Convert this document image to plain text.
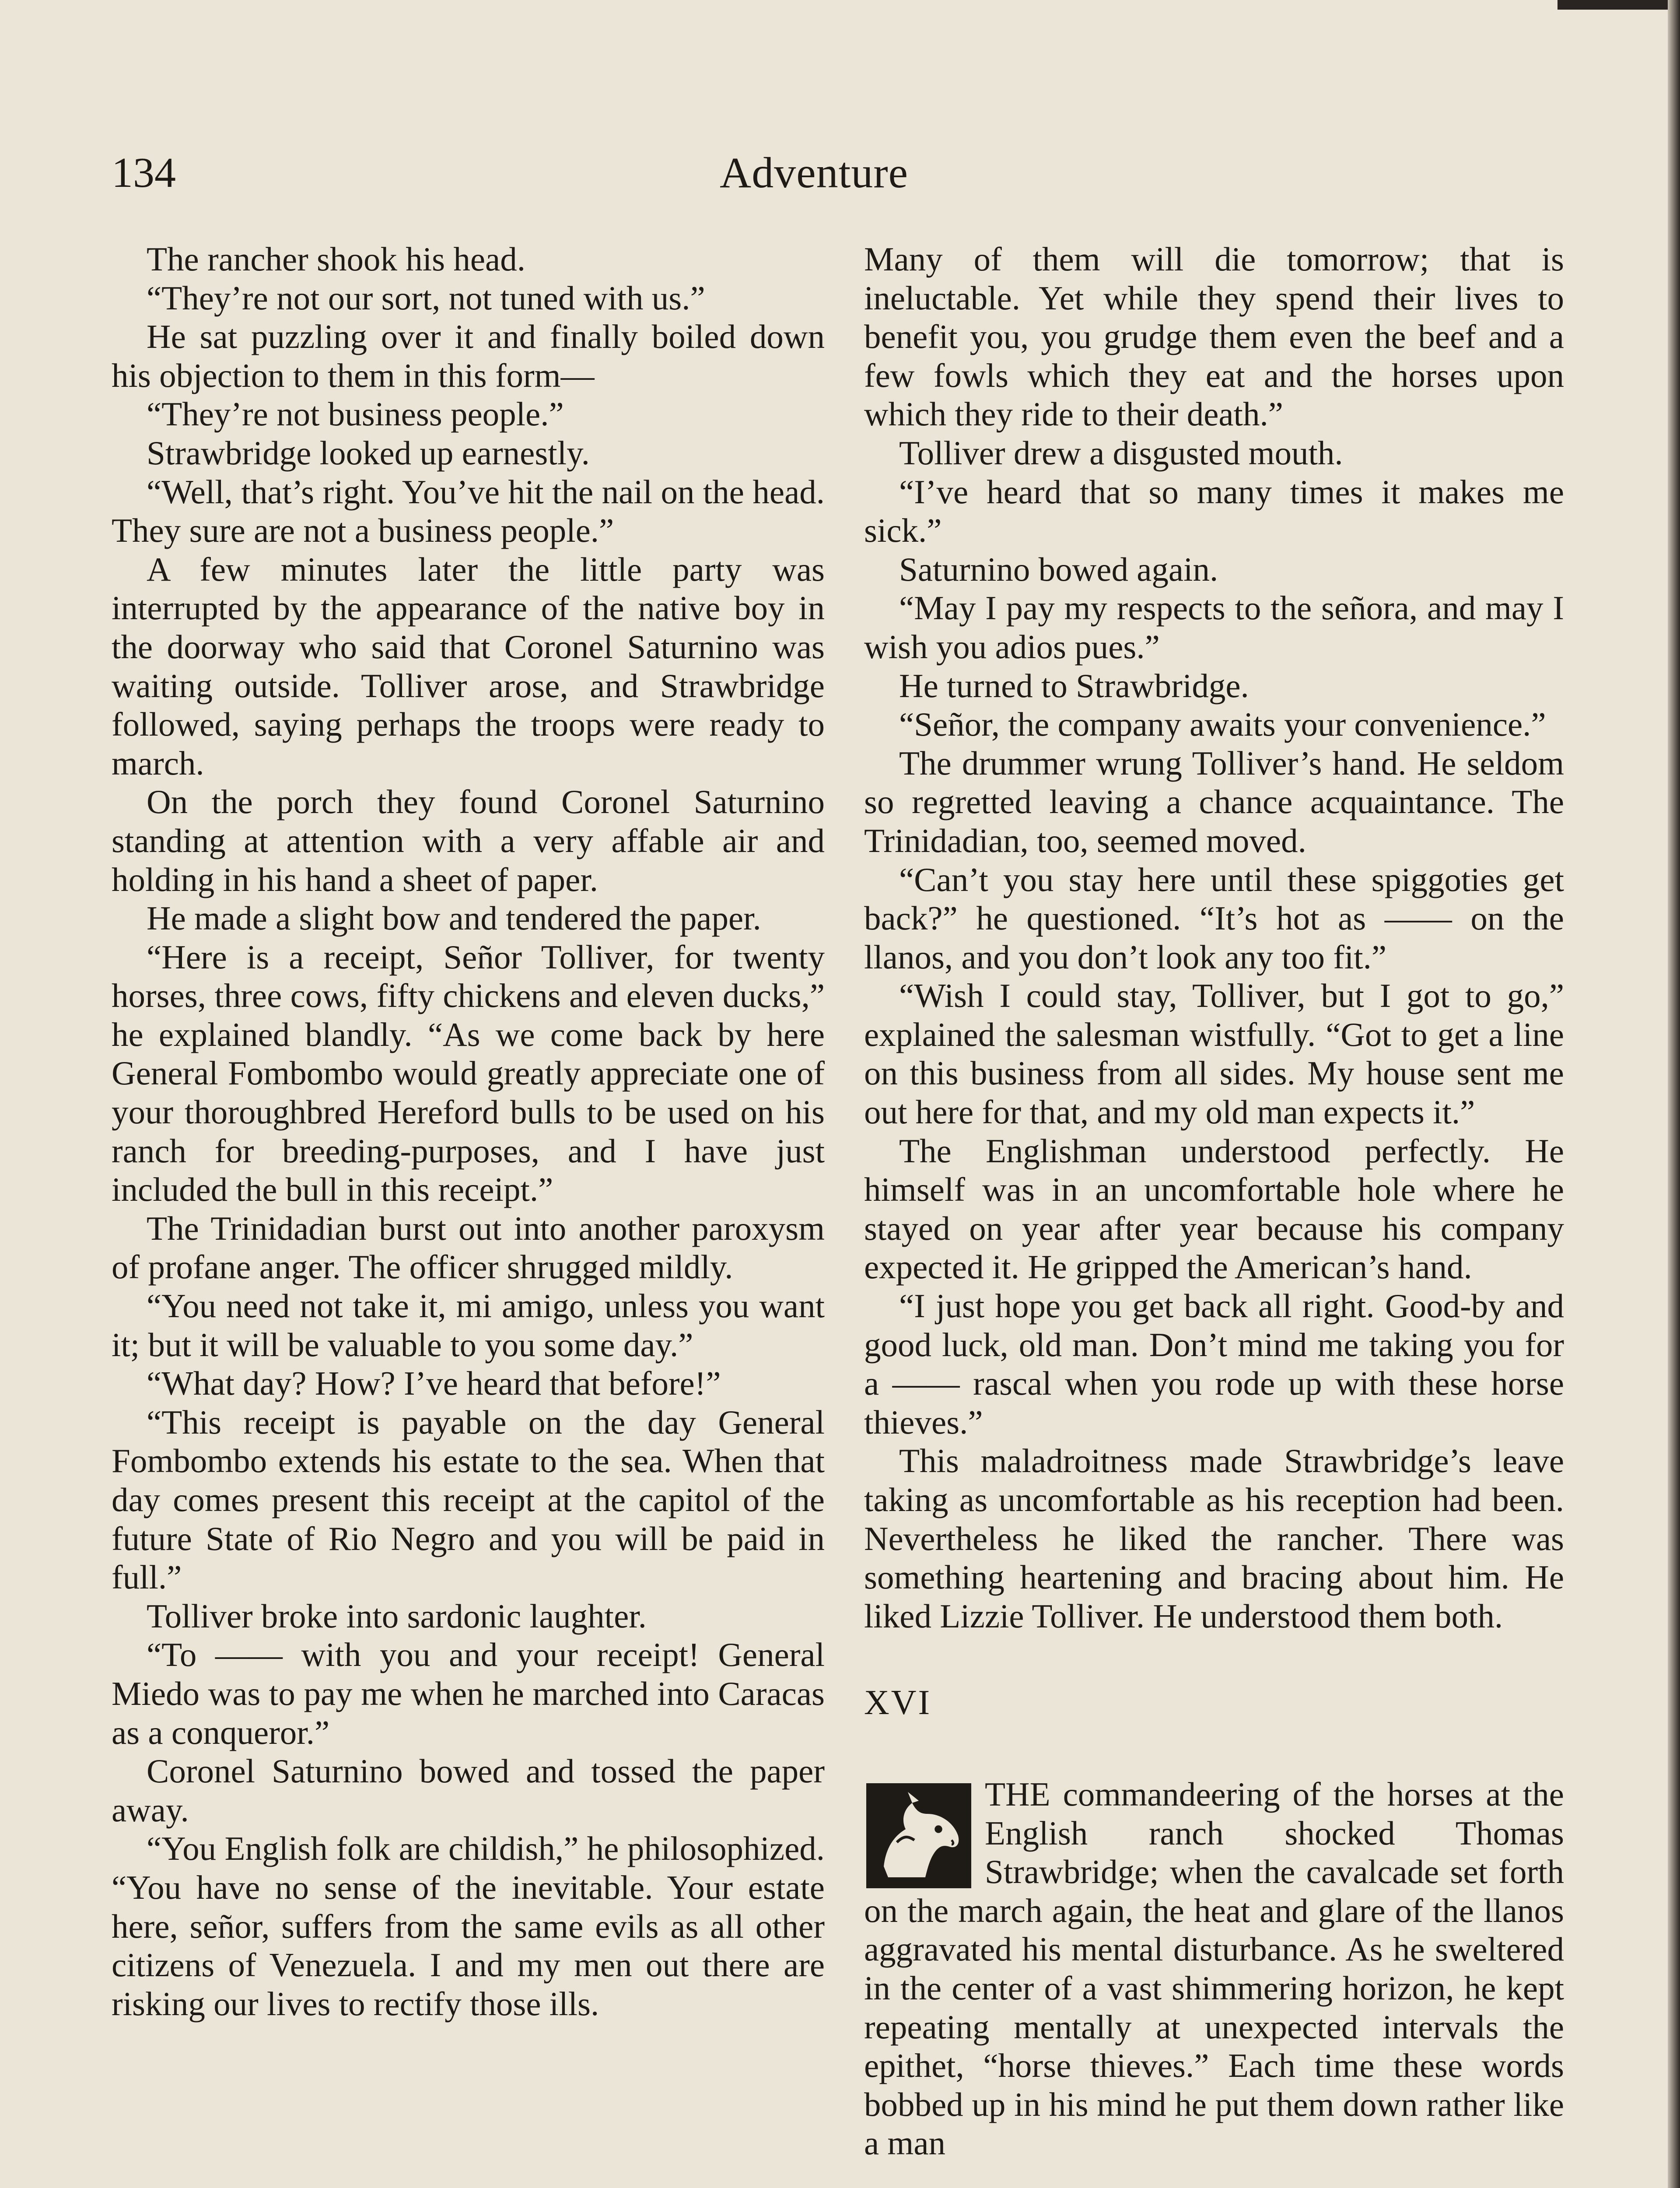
134	Adventure

The rancher shook his head.

“They’re not our sort, not tuned with us.”

He sat puzzling over it and finally boiled down his objection to them in this form—

“They’re not business people.”

Strawbridge looked up earnestly.

“Well, that’s right. You’ve hit the nail on the head. They sure are not a business people.”

A few minutes later the little party was interrupted by the appearance of the native boy in the doorway who said that Coronel Saturnino was waiting outside. Tolliver arose, and Strawbridge followed, saying perhaps the troops were ready to march.

On the porch they found Coronel Saturnino standing at attention with a very affable air and holding in his hand a sheet of paper.

He made a slight bow and tendered the paper.

“Here is a receipt, Señor Tolliver, for twenty horses, three cows, fifty chickens and eleven ducks,” he explained blandly. “As we come back by here General Fombombo would greatly appreciate one of your thoroughbred Hereford bulls to be used on his ranch for breeding-purposes, and I have just included the bull in this receipt.”

The Trinidadian burst out into another paroxysm of profane anger. The officer shrugged mildly.

“You need not take it, mi amigo, unless you want it; but it will be valuable to you some day.”

“What day? How? I’ve heard that before!”

“This receipt is payable on the day General Fombombo extends his estate to the sea. When that day comes present this receipt at the capitol of the future State of Rio Negro and you will be paid in full.”

Tolliver broke into sardonic laughter.

“To —— with you and your receipt! General Miedo was to pay me when he marched into Caracas as a conqueror.”

Coronel Saturnino bowed and tossed the paper away.

“You English folk are childish,” he philosophized. “You have no sense of the inevitable. Your estate here, señor, suffers from the same evils as all other citizens of Venezuela. I and my men out there are risking our lives to rectify those ills.

Many of them will die tomorrow; that is ineluctable. Yet while they spend their lives to benefit you, you grudge them even the beef and a few fowls which they eat and the horses upon which they ride to their death.”

Tolliver drew a disgusted mouth.

“I’ve heard that so many times it makes me sick.”

Saturnino bowed again.

“May I pay my respects to the señora, and may I wish you adios pues.”

He turned to Strawbridge.

“Señor, the company awaits your convenience.”

The drummer wrung Tolliver’s hand. He seldom so regretted leaving a chance acquaintance. The Trinidadian, too, seemed moved.

“Can’t you stay here until these spiggoties get back?” he questioned. “It’s hot as —— on the llanos, and you don’t look any too fit.”

“Wish I could stay, Tolliver, but I got to go,” explained the salesman wistfully. “Got to get a line on this business from all sides. My house sent me out here for that, and my old man expects it.”

The Englishman understood perfectly. He himself was in an uncomfortable hole where he stayed on year after year because his company expected it. He gripped the American’s hand.

“I just hope you get back all right. Good-by and good luck, old man. Don’t mind me taking you for a —— rascal when you rode up with these horse thieves.”

This maladroitness made Strawbridge’s leave taking as uncomfortable as his reception had been. Nevertheless he liked the rancher. There was something heartening and bracing about him. He liked Lizzie Tolliver. He understood them both.

XVI

THE commandeering of the horses at the English ranch shocked Thomas Strawbridge; when the cavalcade set forth on the march again, the heat and glare of the llanos aggravated his mental disturbance. As he sweltered in the center of a vast shimmering horizon, he kept repeating mentally at unexpected intervals the epithet, “horse thieves.” Each time these words bobbed up in his mind he put them down rather like a man
